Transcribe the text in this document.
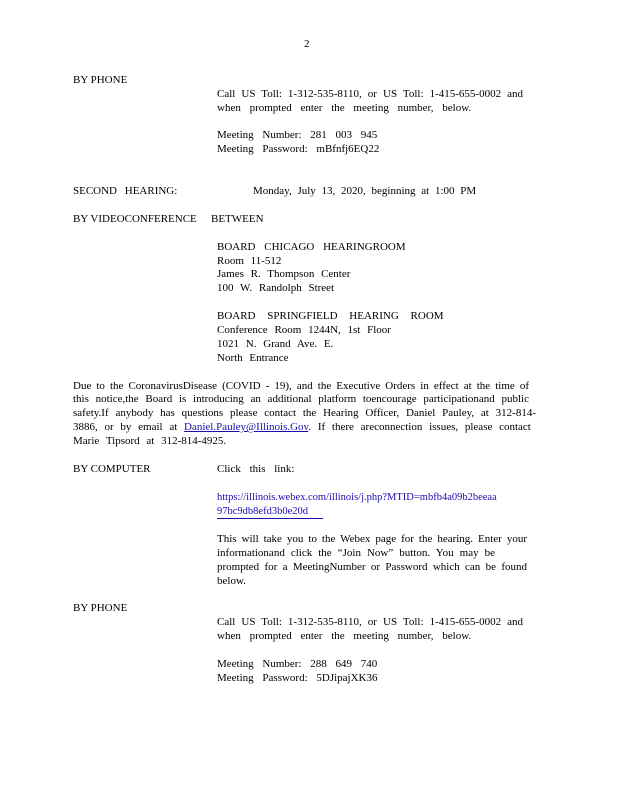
2
BY PHONE
Call US Toll: 1-312-535-8110, or US Toll: 1-415-655-0002 and
when prompted enter the meeting number, below.
Meeting Number: 281 003 945
Meeting Password: mBfnfj6EQ22
SECOND HEARING:	Monday, July 13, 2020, beginning at 1:00 PM
BY VIDEOCONFERENCE BETWEEN
BOARD CHICAGO HEARINGROOM
Room 11-512
James R. Thompson Center
100 W. Randolph Street
BOARD SPRINGFIELD HEARING ROOM
Conference Room 1244N, 1st Floor
1021 N. Grand Ave. E.
North Entrance
Due to the CoronavirusDisease (COVID - 19), and the Executive Orders in effect at the time of
this notice,the Board is introducing an additional platform toencourage participationand public
safety.If anybody has questions please contact the Hearing Officer, Daniel Pauley, at 312-814-
3886, or by email at Daniel.Pauley@Illinois.Gov. If there areconnection issues, please contact
Marie Tipsord at 312-814-4925.
BY COMPUTER	Click this link:
https://illinois.webex.com/illinois/j.php?MTID=mbfb4a09b2beeaa
97bc9db8efd3b0e20d
This will take you to the Webex page for the hearing. Enter your
informationand click the “Join Now” button. You may be
prompted for a MeetingNumber or Password which can be found
below.
BY PHONE
Call US Toll: 1-312-535-8110, or US Toll: 1-415-655-0002 and
when prompted enter the meeting number, below.
Meeting Number: 288 649 740
Meeting Password: 5DJipajXK36
